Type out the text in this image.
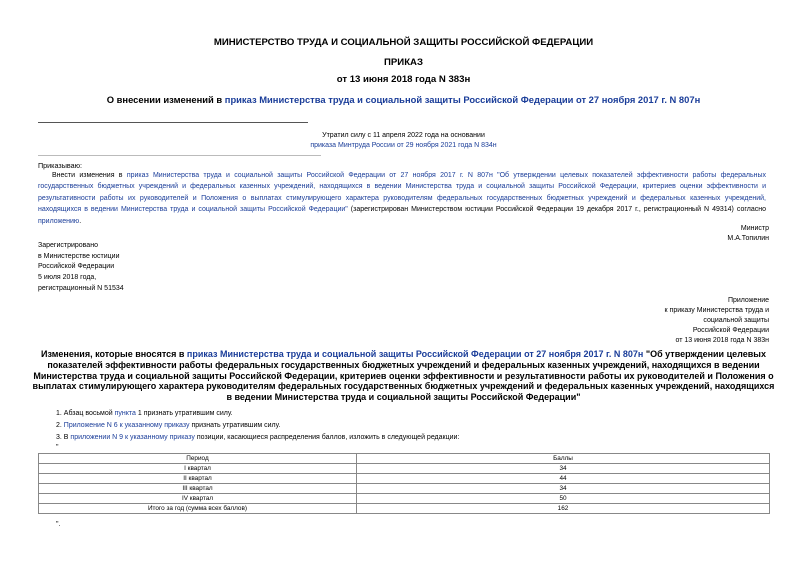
МИНИСТЕРСТВО ТРУДА И СОЦИАЛЬНОЙ ЗАЩИТЫ РОССИЙСКОЙ ФЕДЕРАЦИИ
ПРИКАЗ
от 13 июня 2018 года N 383н
О внесении изменений в приказ Министерства труда и социальной защиты Российской Федерации от 27 ноября 2017 г. N 807н
Утратил силу с 11 апреля 2022 года на основании
приказа Минтруда России от 29 ноября 2021 года N 834н
Приказываю:
Внести изменения в приказ Министерства труда и социальной защиты Российской Федерации от 27 ноября 2017 г. N 807н "Об утверждении целевых показателей эффективности работы федеральных государственных бюджетных учреждений и федеральных казенных учреждений, находящихся в ведении Министерства труда и социальной защиты Российской Федерации, критериев оценки эффективности и результативности работы их руководителей и Положения о выплатах стимулирующего характера руководителям федеральных государственных бюджетных учреждений и федеральных казенных учреждений, находящихся в ведении Министерства труда и социальной защиты Российской Федерации" (зарегистрирован Министерством юстиции Российской Федерации 19 декабря 2017 г., регистрационный N 49314) согласно приложению.
Министр
М.А.Топилин
Зарегистрировано
в Министерстве юстиции
Российской Федерации
5 июля 2018 года,
регистрационный N 51534
Приложение
к приказу Министерства труда и
социальной защиты
Российской Федерации
от 13 июня 2018 года N 383н
Изменения, которые вносятся в приказ Министерства труда и социальной защиты Российской Федерации от 27 ноября 2017 г. N 807н "Об утверждении целевых показателей эффективности работы федеральных государственных бюджетных учреждений и федеральных казенных учреждений, находящихся в ведении Министерства труда и социальной защиты Российской Федерации, критериев оценки эффективности и результативности работы их руководителей и Положения о выплатах стимулирующего характера руководителям федеральных государственных бюджетных учреждений и федеральных казенных учреждений, находящихся в ведении Министерства труда и социальной защиты Российской Федерации"
1. Абзац восьмой пункта 1 признать утратившим силу.
2. Приложение N 6 к указанному приказу признать утратившим силу.
3. В приложении N 9 к указанному приказу позиции, касающиеся распределения баллов, изложить в следующей редакции:
"
Период	Баллы
I квартал	34
II квартал	44
III квартал	34
IV квартал	50
Итого за год (сумма всех баллов)	162
".
